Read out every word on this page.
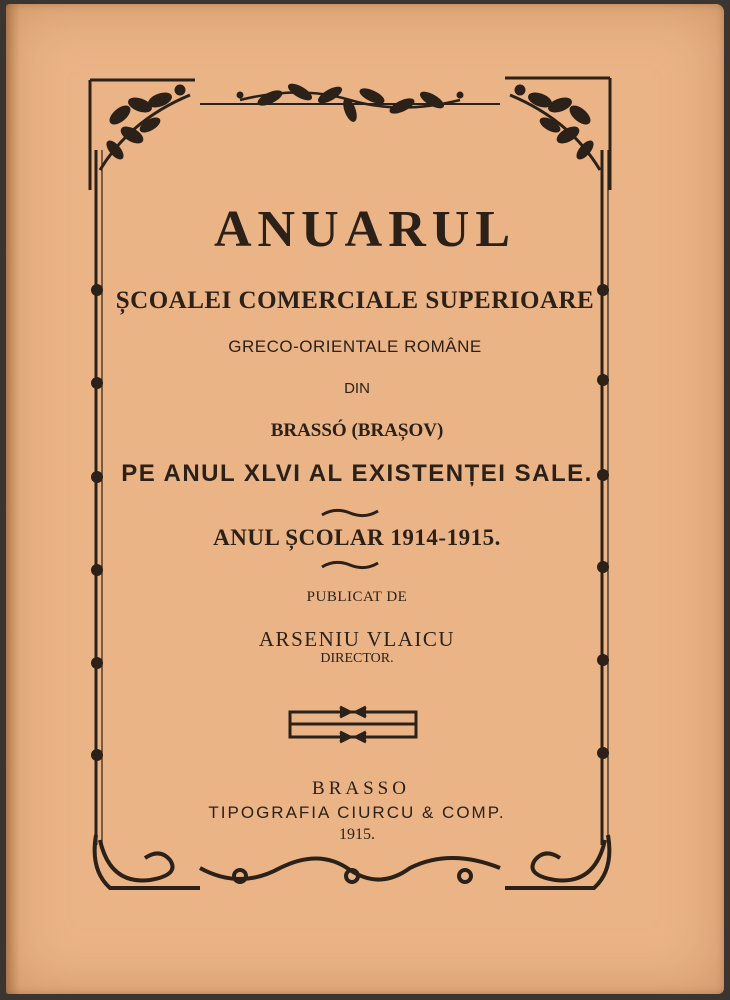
ANUARUL

ȘCOALEI COMERCIALE SUPERIOARE

GRECO-ORIENTALE ROMÂNE

DIN

BRASSÓ (BRAȘOV)

PE ANUL XLVI AL EXISTENȚEI SALE.

ANUL ȘCOLAR 1914-1915.

PUBLICAT DE

ARSENIU VLAICU

DIRECTOR.

BRASSO

TIPOGRAFIA CIURCU & COMP.

1915.
